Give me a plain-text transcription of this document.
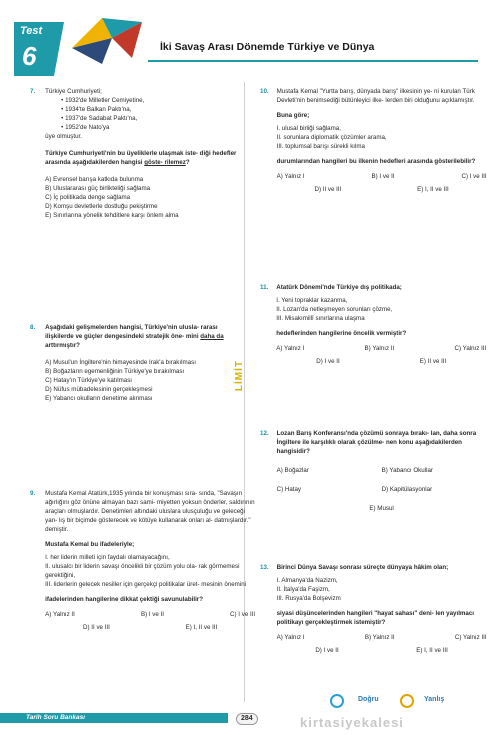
Test
6	İki Savaş Arası Dönemde Türkiye ve Dünya
LİMİT
7. Türkiye Cumhuriyeti;
• 1932'de Milletler Cemiyetine,
• 1934'te Balkan Paktı'na,
• 1937'de Sadabat Paktı'na,
• 1952'de Nato'ya
üye olmuştur.
Türkiye Cumhuriyeti'nin bu üyeliklerle ulaşmak iste- diği hedefler arasında aşağıdakilerden hangisi göste- rilemez?
A) Evrensel barışa katkıda bulunma
B) Uluslararası güç birlikteliği sağlama
C) İç politikada denge sağlama
D) Komşu devletlerle dostluğu pekiştirme
E) Sınırlarına yönelik tehditlere karşı önlem alma
8. Aşağıdaki gelişmelerden hangisi, Türkiye'nin ulusla- rarası ilişkilerde ve güçler dengesindeki stratejik öne- mini daha da arttırmıştır?
A) Musul'un İngiltere'nin himayesinde Irak'a bırakılması
B) Boğazların egemenliğinin Türkiye'ye bırakılması
C) Hatay'ın Türkiye'ye katılması
D) Nüfus mübadelesinin gerçekleşmesi
E) Yabancı okulların denetime alınması
9. Mustafa Kemal Atatürk,1935 yılında bir konuşması sıra- sında, "Savaşın ağırlığını göz önüne almayan bazı sami- miyetten yoksun önderler, saldırının araçları olmuşlardır. Denetimleri altındaki uluslara ulusçuluğu ve geleceği yan- lış bir biçimde gösterecek ve kötüye kullanarak onları al- datmışlardır." demiştir.
Mustafa Kemal bu ifadeleriyle;
I. her liderin milleti için faydalı olamayacağını,
II. ulusalcı bir liderin savaşı öncelikli bir çözüm yolu ola- rak görmemesi gerektiğini,
III. liderlerin gelecek nesiller için gerçekçi politikalar üret- mesinin önemini
ifadelerinden hangilerine dikkat çektiği savunulabilir?
A) Yalnız II	B) I ve II	C) I ve III
D) II ve III	E) I, II ve III
10. Mustafa Kemal "Yurtta barış, dünyada barış" ilkesinin ye- ni kurulan Türk Devleti'nin benimsediği bütünleyici ilke- lerden biri olduğunu açıklamıştır.
Buna göre;
I. ulusal birliği sağlama,
II. sorunlara diplomatik çözümler arama,
III. toplumsal barışı sürekli kılma
durumlarından hangileri bu ilkenin hedefleri arasında gösterilebilir?
A) Yalnız I	B) I ve II	C) I ve III
D) II ve III	E) I, II ve III
11. Atatürk Dönemi'nde Türkiye dış politikada;
I. Yeni topraklar kazanma,
II. Lozan'da netleşmeyen sorunları çözme,
III. Misakımillî sınırlarına ulaşma
hedeflerinden hangilerine öncelik vermiştir?
A) Yalnız I	B) Yalnız II	C) Yalnız III
D) I ve II	E) II ve III
12. Lozan Barış Konferansı'nda çözümü sonraya bırakı- lan, daha sonra İngiltere ile karşılıklı olarak çözülme- nen konu aşağıdakilerden hangisidir?
A) Boğazlar	B) Yabancı Okullar
C) Hatay	D) Kapitülasyonlar
E) Musul
13. Birinci Dünya Savaşı sonrası süreçte dünyaya hâkim olan;
I. Almanya'da Nazizm,
II. İtalya'da Faşizm,
III. Rusya'da Bolşevizm
siyasi düşüncelerinden hangileri "hayat sahası" deni- len yayılmacı politikayı gerçekleştirmek istemiştir?
A) Yalnız I	B) Yalnız II	C) Yalnız III
D) I ve II	E) I, II ve III
Doğru	Yanlış
Tarih Soru Bankası	284	kirtasiyekalesi
